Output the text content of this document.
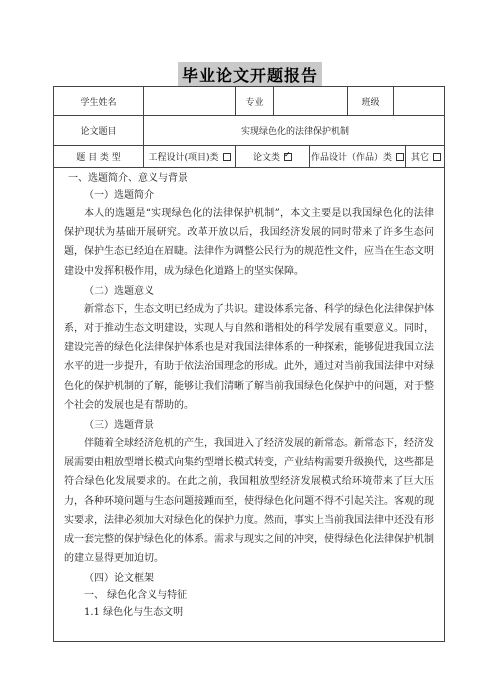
毕业论文开题报告
学生姓名	专业	班级
论文题目	实现绿色化的法律保护机制
题 目 类 型	工程设计(项目)类	论文类
✓	作品设计（作品）类 其它

一、选题简介、意义与背景

（一）选题简介

本人的选题是“实现绿色化的法律保护机制”，本文主要是以我国绿色化的法律保护现状为基础开展研究。改革开放以后，我国经济发展的同时带来了许多生态问题，保护生态已经迫在眉睫。法律作为调整公民行为的规范性文件，应当在生态文明建设中发挥积极作用，成为绿色化道路上的坚实保障。

（二）选题意义

新常态下，生态文明已经成为了共识。建设体系完备、科学的绿色化法律保护体系，对于推动生态文明建设，实现人与自然和谐相处的科学发展有重要意义。同时，建设完善的绿色化法律保护体系也是对我国法律体系的一种探索，能够促进我国立法水平的进一步提升，有助于依法治国理念的形成。此外，通过对当前我国法律中对绿色化的保护机制的了解，能够让我们清晰了解当前我国绿色化保护中的问题，对于整个社会的发展也是有帮助的。

（三）选题背景

伴随着全球经济危机的产生，我国进入了经济发展的新常态。新常态下，经济发展需要由粗放型增长模式向集约型增长模式转变，产业结构需要升级换代，这些都是符合绿色化发展要求的。在此之前，我国粗放型经济发展模式给环境带来了巨大压力，各种环境问题与生态问题接踵而至，使得绿色化问题不得不引起关注。客观的现实要求，法律必须加大对绿色化的保护力度。然而，事实上当前我国法律中还没有形成一套完整的保护绿色化的体系。需求与现实之间的冲突，使得绿色化法律保护机制的建立显得更加迫切。

（四）论文框架

一、 绿色化含义与特征

1.1 绿色化与生态文明
